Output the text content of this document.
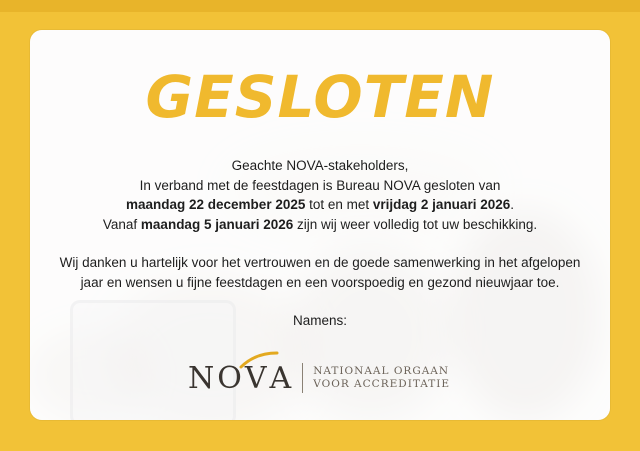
GESLOTEN

Geachte NOVA-stakeholders,

In verband met de feestdagen is Bureau NOVA gesloten van

maandag 22 december 2025 tot en met vrijdag 2 januari 2026.

Vanaf maandag 5 januari 2026 zijn wij weer volledig tot uw beschikking.

Wij danken u hartelijk voor het vertrouwen en de goede samenwerking in het afgelopen

jaar en wensen u fijne feestdagen en een voorspoedig en gezond nieuwjaar toe.

Namens:
NO V A NATIONAAL ORGAAN
VOOR ACCREDITATIE
